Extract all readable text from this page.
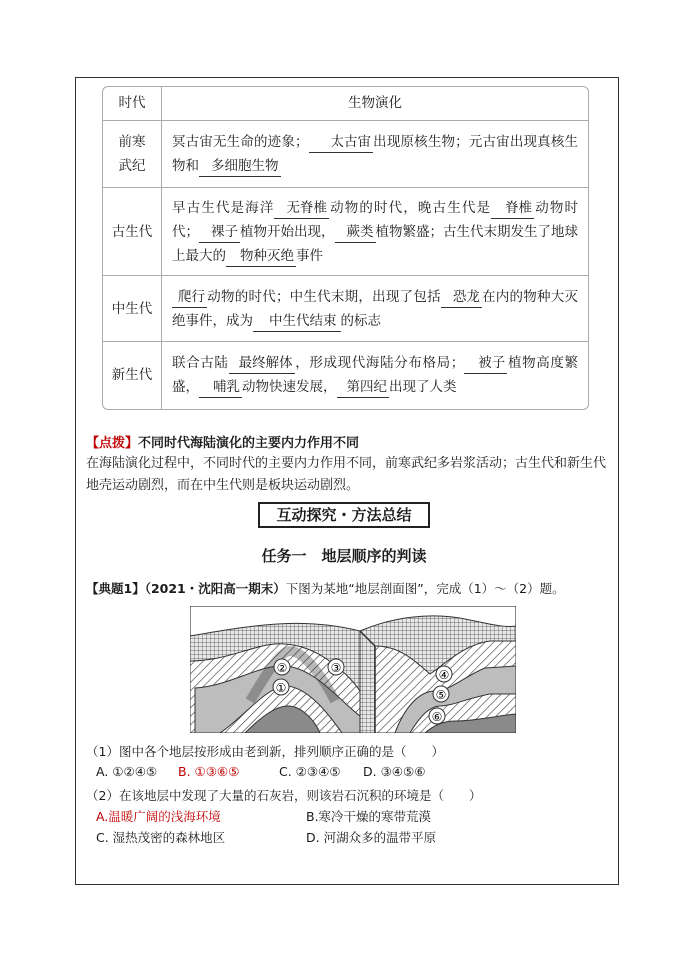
时代	生物演化
前寒武纪	冥古宙无生命的迹象； 太古宙 出现原核生物；元古宙出现真核生物和 多细胞生物
古生代	早古生代是海洋 无脊椎 动物的时代，晚古生代是 脊椎 动物时代； 裸子 植物开始出现， 蕨类 植物繁盛；古生代末期发生了地球上最大的 物种灭绝 事件
中生代	爬行 动物的时代；中生代末期，出现了包括 恐龙 在内的物种大灭绝事件，成为 中生代结束 的标志
新生代	联合古陆 最终解体 ，形成现代海陆分布格局； 被子 植物高度繁盛， 哺乳 动物快速发展， 第四纪 出现了人类
【点拨】不同时代海陆演化的主要内力作用不同
在海陆演化过程中，不同时代的主要内力作用不同，前寒武纪多岩浆活动；古生代和新生代地壳运动剧烈，而在中生代则是板块运动剧烈。
互动探究・方法总结
任务一　地层顺序的判读
【典题1】（2021・沈阳高一期末）下图为某地“地层剖面图”，完成（1）～（2）题。
①
②	③	④
⑤
⑥
（1）图中各个地层按形成由老到新，排列顺序正确的是（　　）
A. ①②④⑤ B. ①③⑥⑤	C. ②③④⑤ D. ③④⑤⑥
（2）在该地层中发现了大量的石灰岩，则该岩石沉积的环境是（　　）
A.温暖广阔的浅海环境	B.寒冷干燥的寒带荒漠
C. 湿热茂密的森林地区	D. 河湖众多的温带平原
